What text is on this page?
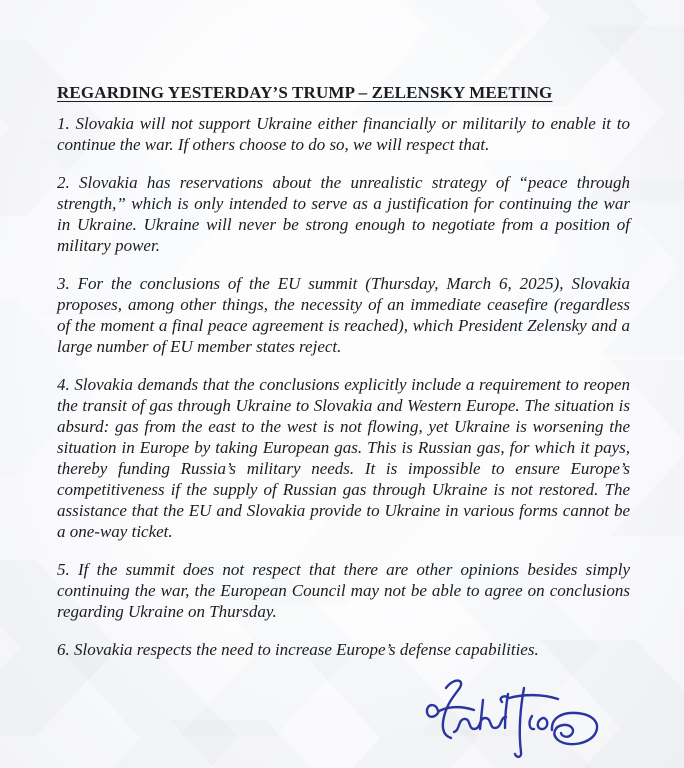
REGARDING YESTERDAY’S TRUMP – ZELENSKY MEETING

1. Slovakia will not support Ukraine either financially or militarily to enable it to continue the war. If others choose to do so, we will respect that.

2. Slovakia has reservations about the unrealistic strategy of “peace through strength,” which is only intended to serve as a justification for continuing the war in Ukraine. Ukraine will never be strong enough to negotiate from a position of military power.

3. For the conclusions of the EU summit (Thursday, March 6, 2025), Slovakia proposes, among other things, the necessity of an immediate ceasefire (regardless of the moment a final peace agreement is reached), which President Zelensky and a large number of EU member states reject.

4. Slovakia demands that the conclusions explicitly include a requirement to reopen the transit of gas through Ukraine to Slovakia and Western Europe. The situation is absurd: gas from the east to the west is not flowing, yet Ukraine is worsening the situation in Europe by taking European gas. This is Russian gas, for which it pays, thereby funding Russia’s military needs. It is impossible to ensure Europe’s competitiveness if the supply of Russian gas through Ukraine is not restored. The assistance that the EU and Slovakia provide to Ukraine in various forms cannot be a one-way ticket.

5. If the summit does not respect that there are other opinions besides simply continuing the war, the European Council may not be able to agree on conclusions regarding Ukraine on Thursday.

6. Slovakia respects the need to increase Europe’s defense capabilities.
